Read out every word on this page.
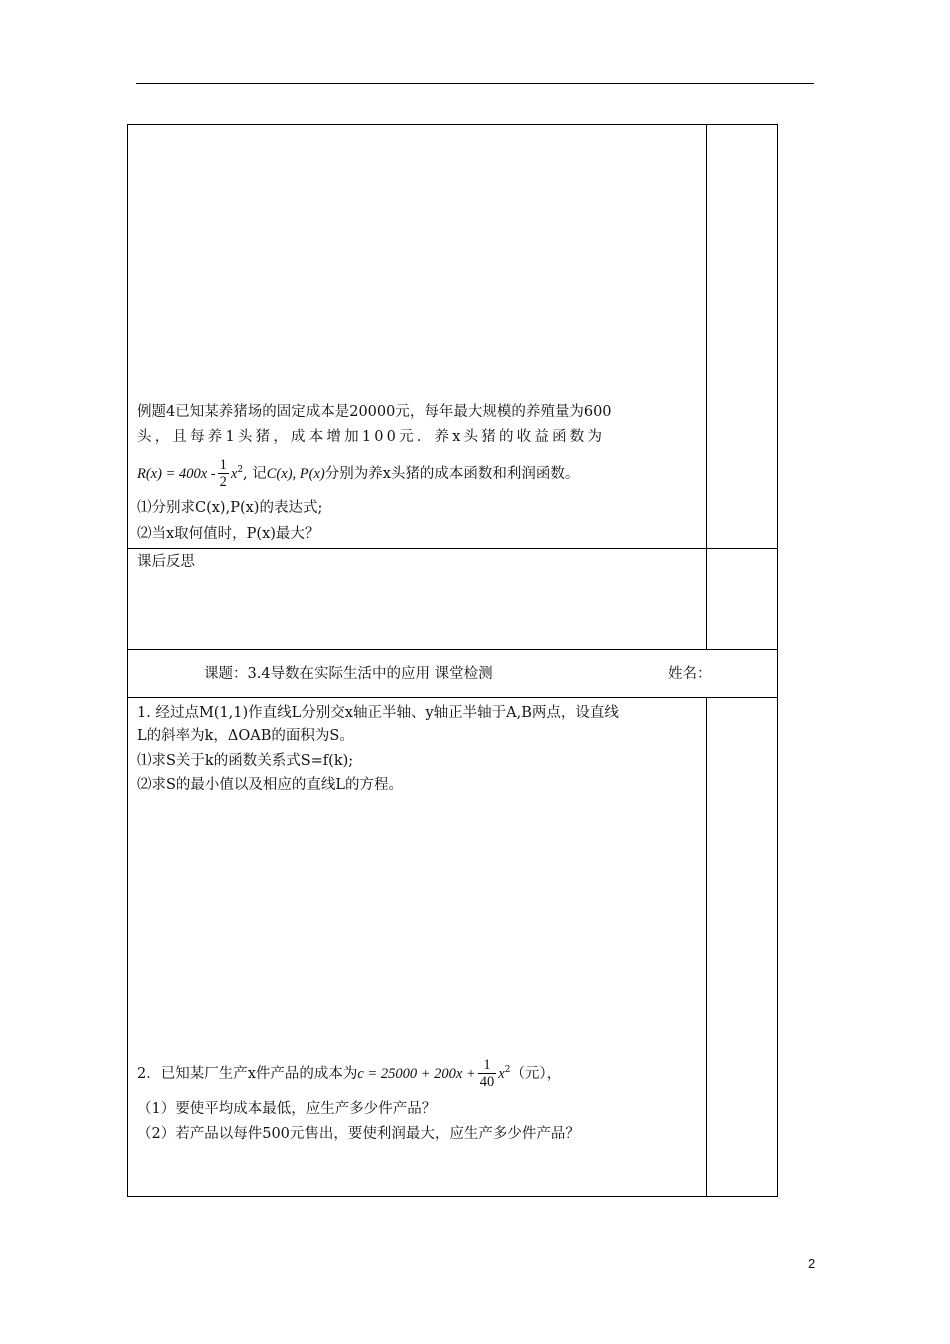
例题4已知某养猪场的固定成本是20000元，每年最大规模的养殖量为600
头，且每养1头猪，成本增加100元．养x头猪的收益函数为
$R(x) = 400x - \frac{1}{2} x^2$, 记C(x), P(x)分别为养x头猪的成本函数和利润函数。
⑴分别求C(x),P(x)的表达式;
⑵当x取何值时，P(x)最大？
课后反思
课题：3.4导数在实际生活中的应用 课堂检测	姓名：
1. 经过点M(1,1)作直线L分别交x轴正半轴、y轴正半轴于A,B两点，设直线
L的斜率为k，ΔOAB的面积为S。
⑴求S关于k的函数关系式S=f(k);
⑵求S的最小值以及相应的直线L的方程。
2．已知某厂生产x件产品的成本为$c = 25000 + 200x + \frac{1}{40} x^2$（元），
（1）要使平均成本最低，应生产多少件产品？
（2）若产品以每件500元售出，要使利润最大，应生产多少件产品？
2
